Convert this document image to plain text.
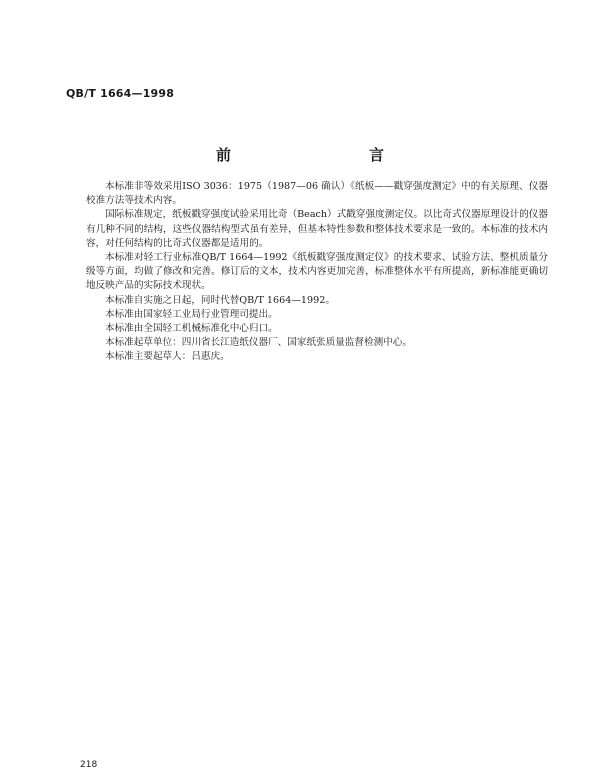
QB/T 1664—1998
前　　言

本标准非等效采用ISO 3036：1975（1987—06 确认）《纸板——戳穿强度测定》中的有关原理、仪器校准方法等技术内容。

国际标准规定，纸板戳穿强度试验采用比奇（Beach）式戳穿强度测定仪。以比奇式仪器原理设计的仪器有几种不同的结构，这些仪器结构型式虽有差异，但基本特性参数和整体技术要求是一致的。本标准的技术内容，对任何结构的比奇式仪器都是适用的。

本标准对轻工行业标准QB/T 1664—1992《纸板戳穿强度测定仪》的技术要求、试验方法、整机质量分级等方面，均做了修改和完善。修订后的文本，技术内容更加完善，标准整体水平有所提高，新标准能更确切地反映产品的实际技术现状。

本标准自实施之日起，同时代替QB/T 1664—1992。

本标准由国家轻工业局行业管理司提出。

本标准由全国轻工机械标准化中心归口。

本标准起草单位：四川省长江造纸仪器厂、国家纸张质量监督检测中心。

本标准主要起草人：吕惠庆。

218
